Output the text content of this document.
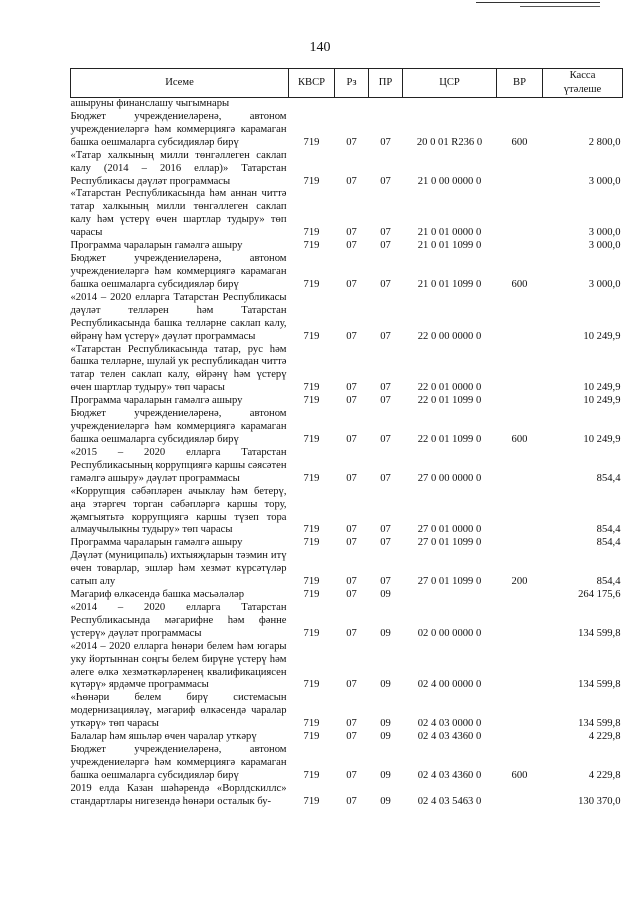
140
Исеме	КВСР	Рз	ПР	ЦСР	ВР	Касса
үтәлеше

ашыруны финанслашу чыгымнары						
Бюджет учреждениеләренә, автоном учреждениеләргә һәм коммерциягә карамаган башка оешмаларга субсидияләр бирү	719	07	07	20 0 01 R236 0	600	2 800,0
«Татар халкының милли төнгәллеген саклап калу (2014 – 2016 еллар)» Татарстан Республикасы дәүләт программасы	719	07	07	21 0 00 0000 0		3 000,0
«Татарстан Республикасында һәм аннан читтә татар халкының милли төнгәллеген саклап калу һәм үстерү өчен шартлар тудыру» төп чарасы	719	07	07	21 0 01 0000 0		3 000,0
Программа чараларын гамәлгә ашыру	719	07	07	21 0 01 1099 0		3 000,0
Бюджет учреждениеләренә, автоном учреждениеләргә һәм коммерциягә карамаган башка оешмаларга субсидияләр бирү	719	07	07	21 0 01 1099 0	600	3 000,0
«2014 – 2020 елларга Татарстан Республикасы дәүләт телләрен һәм Татарстан Республикасында башка телләрне саклап калу, өйрәнү һәм үстерү» дәүләт программасы	719	07	07	22 0 00 0000 0		10 249,9
«Татарстан Республикасында татар, рус һәм башка телләрне, шулай ук республикадан читтә татар телен саклап калу, өйрәнү һәм үстерү өчен шартлар тудыру» төп чарасы	719	07	07	22 0 01 0000 0		10 249,9
Программа чараларын гамәлгә ашыру	719	07	07	22 0 01 1099 0		10 249,9
Бюджет учреждениеләренә, автоном учреждениеләргә һәм коммерциягә карамаган башка оешмаларга субсидияләр бирү	719	07	07	22 0 01 1099 0	600	10 249,9
«2015 – 2020 елларга Татарстан Республикасының коррупциягә каршы сәясәтен гамәлгә ашыру» дәүләт программасы	719	07	07	27 0 00 0000 0		854,4
«Коррупция сәбәпләрен ачыклау һәм бетерү, аңа этәргеч торган сәбәпләргә каршы тору, җәмгыятьтә коррупциягә каршы түзеп тора алмаучылыкны тудыру» төп чарасы	719	07	07	27 0 01 0000 0		854,4
Программа чараларын гамәлгә ашыру	719	07	07	27 0 01 1099 0		854,4
Дәүләт (муниципаль) ихтыяҗларын тәэмин итү өчен товарлар, эшләр һәм хезмәт күрсәтүләр сатып алу	719	07	07	27 0 01 1099 0	200	854,4
Мәгариф өлкәсендә башка мәсьәләләр	719	07	09			264 175,6
«2014 – 2020 елларга Татарстан Республикасында мәгарифне һәм фәнне үстерү» дәүләт программасы	719	07	09	02 0 00 0000 0		134 599,8
«2014 – 2020 елларга һөнәри белем һәм югары уку йортыннан соңгы белем бирүне үстерү һәм әлеге өлкә хезмәткәрләренең квалификациясен күтәрү» ярдәмче программасы	719	07	09	02 4 00 0000 0		134 599,8
«Һөнәри белем бирү системасын модернизацияләү, мәгариф өлкәсендә чаралар уткәрү» төп чарасы	719	07	09	02 4 03 0000 0		134 599,8
Балалар һәм яшьләр өчен чаралар уткәрү	719	07	09	02 4 03 4360 0		4 229,8
Бюджет учреждениеләренә, автоном учреждениеләргә һәм коммерциягә карамаган башка оешмаларга субсидияләр бирү	719	07	09	02 4 03 4360 0	600	4 229,8
2019 елда Казан шәһәрендә «Ворлдскиллс» стандартлары нигезендә һөнәри осталык бу-	719	07	09	02 4 03 5463 0		130 370,0
